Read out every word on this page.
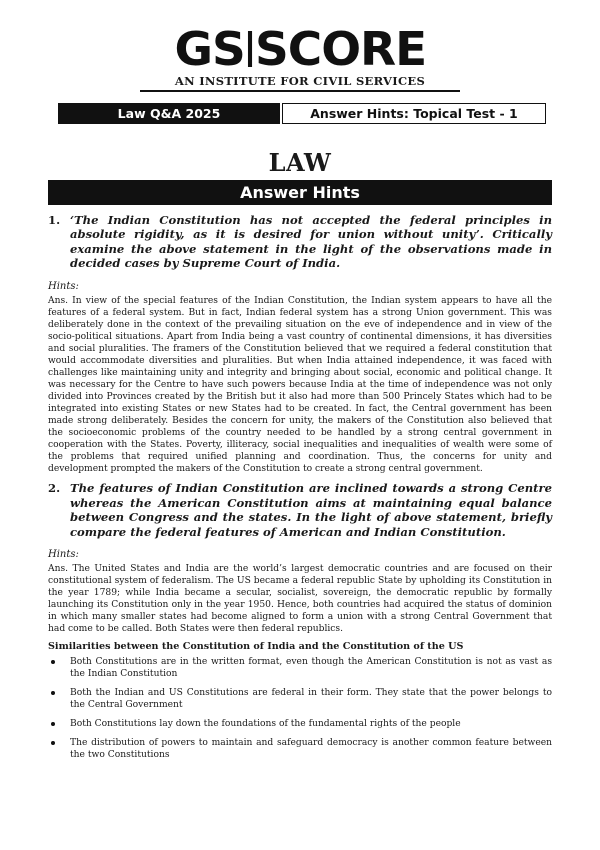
GS SCORE
AN INSTITUTE FOR CIVIL SERVICES
Law Q&A 2025	Answer Hints: Topical Test - 1
LAW
Answer Hints
1. ‘The Indian Constitution has not accepted the federal principles in absolute rigidity, as it is desired for union without unity’. Critically examine the above statement in the light of the observations made in decided cases by Supreme Court of India.
Hints:

Ans. In view of the special features of the Indian Constitution, the Indian system appears to have all the features of a federal system. But in fact, Indian federal system has a strong Union government. This was deliberately done in the context of the prevailing situation on the eve of independence and in view of the socio-political situations. Apart from India being a vast country of continental dimensions, it has diversities and social pluralities. The framers of the Constitution believed that we required a federal constitution that would accommodate diversities and pluralities. But when India attained independence, it was faced with challenges like maintaining unity and integrity and bringing about social, economic and political change. It was necessary for the Centre to have such powers because India at the time of independence was not only divided into Provinces created by the British but it also had more than 500 Princely States which had to be integrated into existing States or new States had to be created. In fact, the Central government has been made strong deliberately. Besides the concern for unity, the makers of the Constitution also believed that the socioeconomic problems of the country needed to be handled by a strong central government in cooperation with the States. Poverty, illiteracy, social inequalities and inequalities of wealth were some of the problems that required unified planning and coordination. Thus, the concerns for unity and development prompted the makers of the Constitution to create a strong central government.

2. The features of Indian Constitution are inclined towards a strong Centre whereas the American Constitution aims at maintaining equal balance between Congress and the states. In the light of above statement, briefly compare the federal features of American and Indian Constitution.
Hints:

Ans. The United States and India are the world’s largest democratic countries and are focused on their constitutional system of federalism. The US became a federal republic State by upholding its Constitution in the year 1789; while India became a secular, socialist, sovereign, the democratic republic by formally launching its Constitution only in the year 1950. Hence, both countries had acquired the status of dominion in which many smaller states had become aligned to form a union with a strong Central Government that had come to be called. Both States were then federal republics.

Similarities between the Constitution of India and the Constitution of the US
Both Constitutions are in the written format, even though the American Constitution is not as vast as the Indian Constitution
Both the Indian and US Constitutions are federal in their form. They state that the power belongs to the Central Government
Both Constitutions lay down the foundations of the fundamental rights of the people
The distribution of powers to maintain and safeguard democracy is another common feature between the two Constitutions
